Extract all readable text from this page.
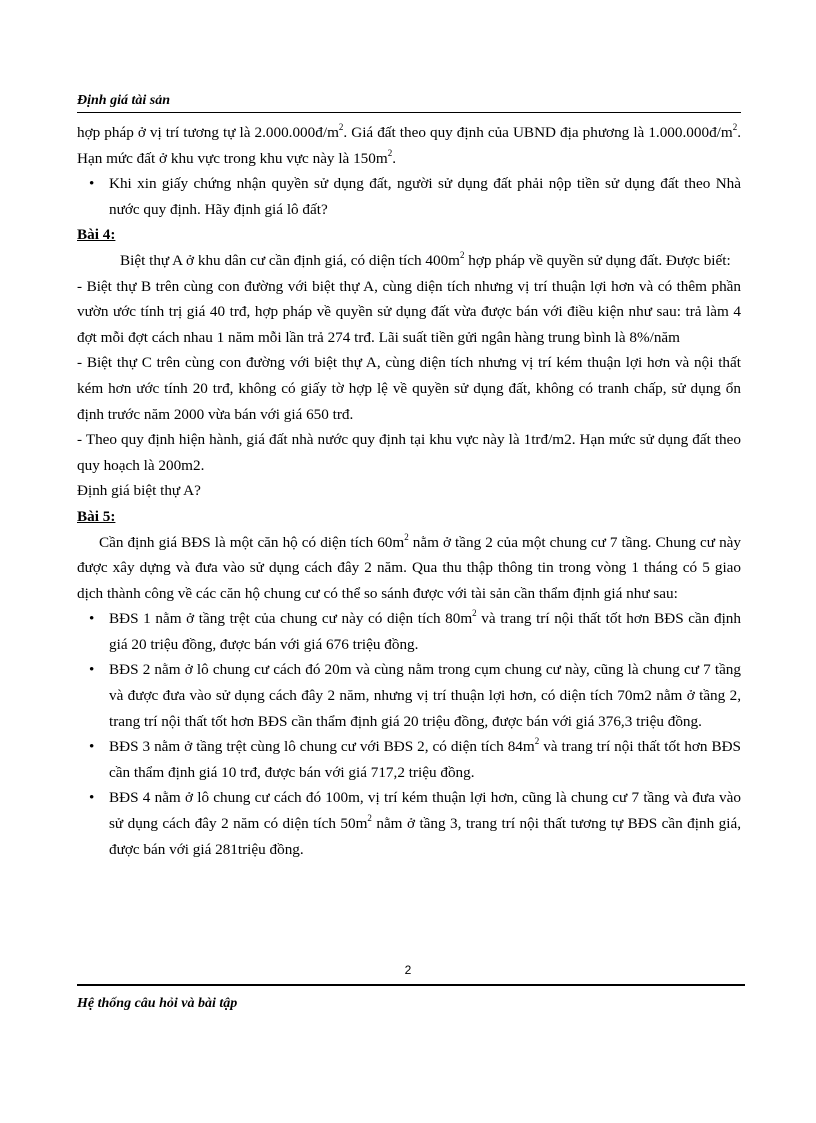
Định giá tài sản

hợp pháp ở vị trí tương tự là $2.000.000đ/m^2$. Giá đất theo quy định của UBND địa phương là $1.000.000đ/m^2$. Hạn mức đất ở khu vực trong khu vực này là $150m^2$.

• Khi xin giấy chứng nhận quyền sử dụng đất, người sử dụng đất phải nộp tiền sử dụng đất theo Nhà nước quy định. Hãy định giá lô đất?

Bài 4:

Biệt thự A ở khu dân cư cần định giá, có diện tích $400m^2$ hợp pháp về quyền sử dụng đất. Được biết:

- Biệt thự B trên cùng con đường với biệt thự A, cùng diện tích nhưng vị trí thuận lợi hơn và có thêm phần vườn ước tính trị giá 40 trđ, hợp pháp về quyền sử dụng đất vừa được bán với điều kiện như sau: trả làm 4 đợt mỗi đợt cách nhau 1 năm mỗi lần trả 274 trđ. Lãi suất tiền gửi ngân hàng trung bình là 8%/năm

- Biệt thự C trên cùng con đường với biệt thự A, cùng diện tích nhưng vị trí kém thuận lợi hơn và nội thất kém hơn ước tính 20 trđ, không có giấy tờ hợp lệ về quyền sử dụng đất, không có tranh chấp, sử dụng ổn định trước năm 2000 vừa bán với giá 650 trđ.

- Theo quy định hiện hành, giá đất nhà nước quy định tại khu vực này là 1trđ/m2. Hạn mức sử dụng đất theo quy hoạch là 200m2.

Định giá biệt thự A?

Bài 5:

Cần định giá BĐS là một căn hộ có diện tích $60m^2$ nằm ở tầng 2 của một chung cư 7 tầng. Chung cư này được xây dựng và đưa vào sử dụng cách đây 2 năm. Qua thu thập thông tin trong vòng 1 tháng có 5 giao dịch thành công về các căn hộ chung cư có thể so sánh được với tài sản cần thẩm định giá như sau:

• BĐS 1 nằm ở tầng trệt của chung cư này có diện tích $80m^2$ và trang trí nội thất tốt hơn BĐS cần định giá 20 triệu đồng, được bán với giá 676 triệu đồng.
• BĐS 2 nằm ở lô chung cư cách đó 20m và cùng nằm trong cụm chung cư này, cũng là chung cư 7 tầng và được đưa vào sử dụng cách đây 2 năm, nhưng vị trí thuận lợi hơn, có diện tích 70m2 nằm ở tầng 2, trang trí nội thất tốt hơn BĐS cần thẩm định giá 20 triệu đồng, được bán với giá 376,3 triệu đồng.
• BĐS 3 nằm ở tầng trệt cùng lô chung cư với BĐS 2, có diện tích $84m^2$ và trang trí nội thất tốt hơn BĐS cần thẩm định giá 10 trđ, được bán với giá 717,2 triệu đồng.
• BĐS 4 nằm ở lô chung cư cách đó 100m, vị trí kém thuận lợi hơn, cũng là chung cư 7 tầng và đưa vào sử dụng cách đây 2 năm có diện tích $50m^2$ nằm ở tầng 3, trang trí nội thất tương tự BĐS cần định giá, được bán với giá 281triệu đồng.
2
Hệ thống câu hỏi và bài tập
